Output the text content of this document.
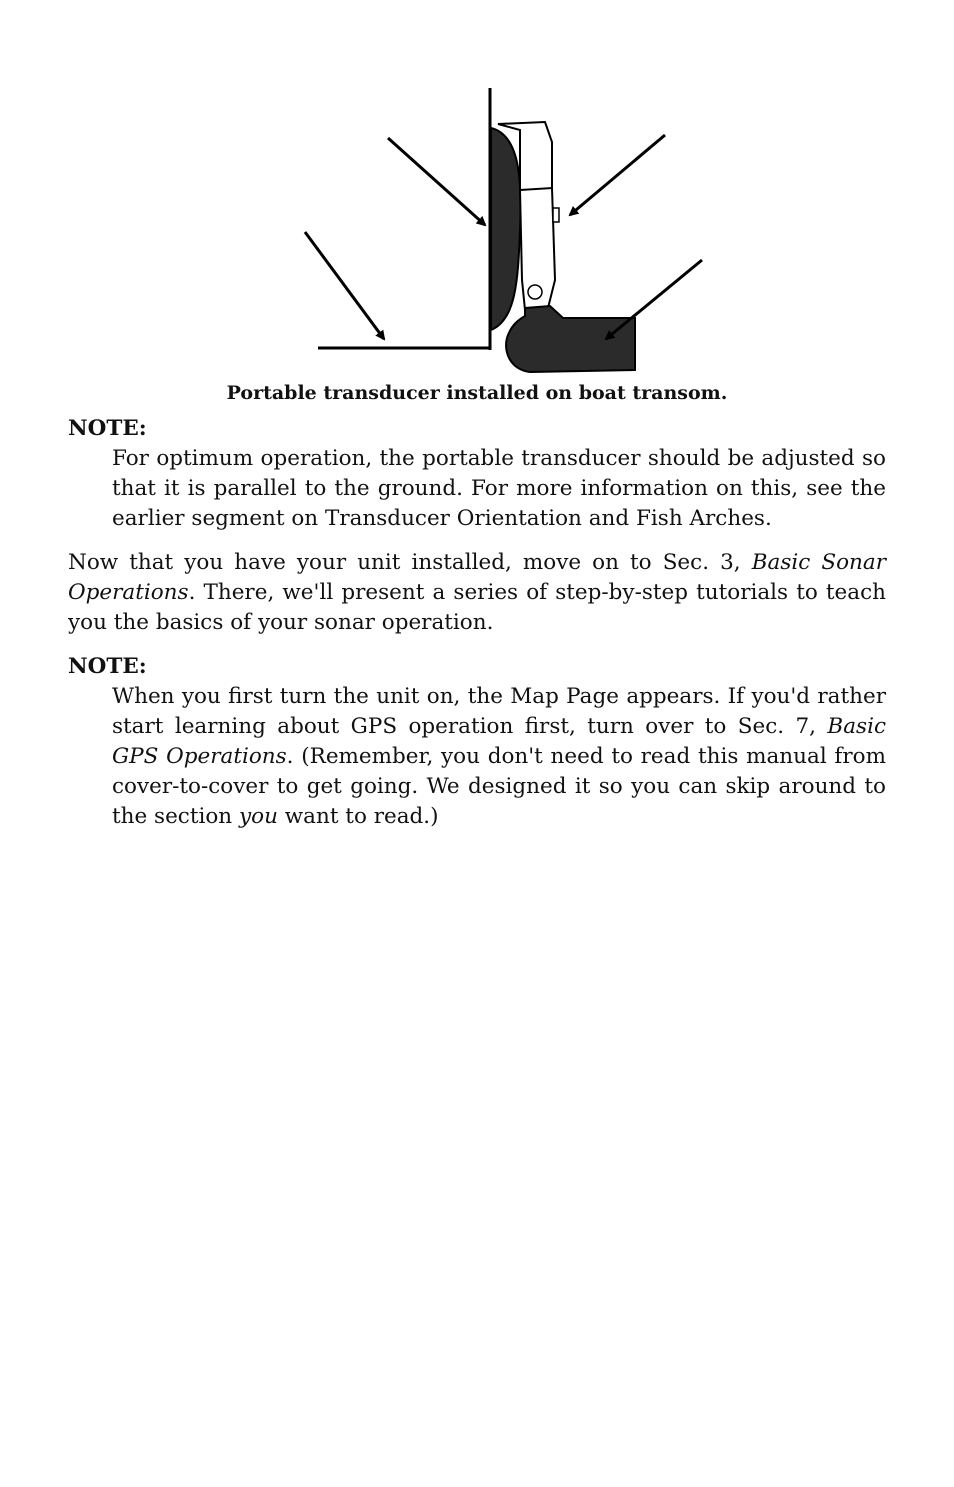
Portable transducer installed on boat transom.

NOTE:

For optimum operation, the portable transducer should be adjusted so that it is parallel to the ground. For more information on this, see the earlier segment on Transducer Orientation and Fish Arches.

Now that you have your unit installed, move on to Sec. 3, Basic Sonar Operations. There, we'll present a series of step-by-step tutorials to teach you the basics of your sonar operation.

NOTE:

When you first turn the unit on, the Map Page appears. If you'd rather start learning about GPS operation first, turn over to Sec. 7, Basic GPS Operations. (Remember, you don't need to read this manual from cover-to-cover to get going. We designed it so you can skip around to the section you want to read.)
